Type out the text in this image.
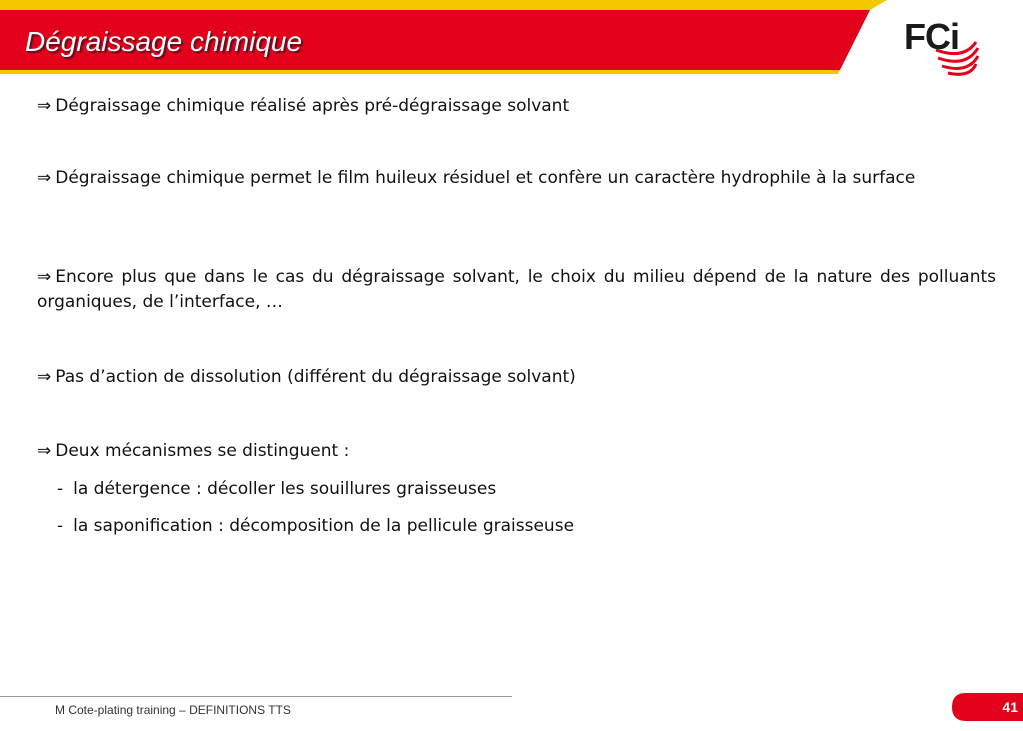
Dégraissage chimique	FCi

⇒ Dégraissage chimique réalisé après pré-dégraissage solvant

⇒ Dégraissage chimique permet le film huileux résiduel et confère un caractère hydrophile à la surface

⇒ Encore plus que dans le cas du dégraissage solvant, le choix du milieu dépend de la nature des polluants organiques, de l’interface, …

⇒ Pas d’action de dissolution (différent du dégraissage solvant)

⇒ Deux mécanismes se distinguent :

- la détergence : décoller les souillures graisseuses

- la saponification : décomposition de la pellicule graisseuse

M Cote-plating training – DEFINITIONS TTS	41
